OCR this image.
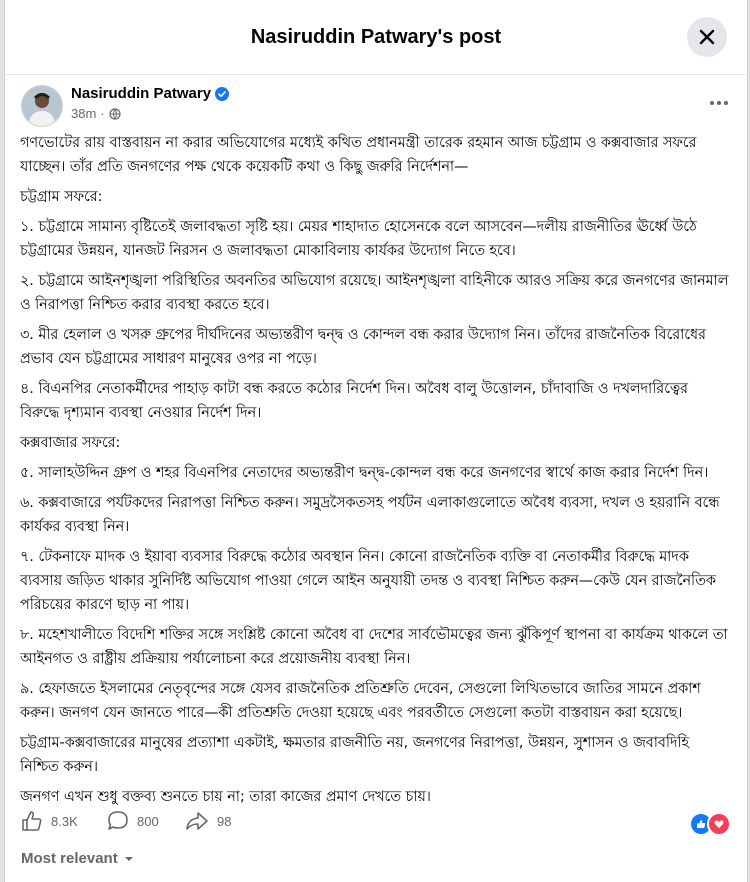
Nasiruddin Patwary's post
Nasiruddin Patwary
38m ·

গণভোটের রায় বাস্তবায়ন না করার অভিযোগের মধ্যেই কথিত প্রধানমন্ত্রী তারেক রহমান আজ চট্টগ্রাম ও কক্সবাজার সফরে যাচ্ছেন। তাঁর প্রতি জনগণের পক্ষ থেকে কয়েকটি কথা ও কিছু জরুরি নির্দেশনা—

চট্টগ্রাম সফরে:

১. চট্টগ্রামে সামান্য বৃষ্টিতেই জলাবদ্ধতা সৃষ্টি হয়। মেয়র শাহাদাত হোসেনকে বলে আসবেন—দলীয় রাজনীতির ঊর্ধ্বে উঠে চট্টগ্রামের উন্নয়ন, যানজট নিরসন ও জলাবদ্ধতা মোকাবিলায় কার্যকর উদ্যোগ নিতে হবে।

২. চট্টগ্রামে আইনশৃঙ্খলা পরিস্থিতির অবনতির অভিযোগ রয়েছে। আইনশৃঙ্খলা বাহিনীকে আরও সক্রিয় করে জনগণের জানমাল ও নিরাপত্তা নিশ্চিত করার ব্যবস্থা করতে হবে।

৩. মীর হেলাল ও খসরু গ্রুপের দীর্ঘদিনের অভ্যন্তরীণ দ্বন্দ্ব ও কোন্দল বন্ধ করার উদ্যোগ নিন। তাঁদের রাজনৈতিক বিরোধের প্রভাব যেন চট্টগ্রামের সাধারণ মানুষের ওপর না পড়ে।

৪. বিএনপির নেতাকর্মীদের পাহাড় কাটা বন্ধ করতে কঠোর নির্দেশ দিন। অবৈধ বালু উত্তোলন, চাঁদাবাজি ও দখলদারিত্বের বিরুদ্ধে দৃশ্যমান ব্যবস্থা নেওয়ার নির্দেশ দিন।

কক্সবাজার সফরে:

৫. সালাহউদ্দিন গ্রুপ ও শহর বিএনপির নেতাদের অভ্যন্তরীণ দ্বন্দ্ব-কোন্দল বন্ধ করে জনগণের স্বার্থে কাজ করার নির্দেশ দিন।

৬. কক্সবাজারে পর্যটকদের নিরাপত্তা নিশ্চিত করুন। সমুদ্রসৈকতসহ পর্যটন এলাকাগুলোতে অবৈধ ব্যবসা, দখল ও হয়রানি বন্ধে কার্যকর ব্যবস্থা নিন।

৭. টেকনাফে মাদক ও ইয়াবা ব্যবসার বিরুদ্ধে কঠোর অবস্থান নিন। কোনো রাজনৈতিক ব্যক্তি বা নেতাকর্মীর বিরুদ্ধে মাদক ব্যবসায় জড়িত থাকার সুনির্দিষ্ট অভিযোগ পাওয়া গেলে আইন অনুযায়ী তদন্ত ও ব্যবস্থা নিশ্চিত করুন—কেউ যেন রাজনৈতিক পরিচয়ের কারণে ছাড় না পায়।

৮. মহেশখালীতে বিদেশি শক্তির সঙ্গে সংশ্লিষ্ট কোনো অবৈধ বা দেশের সার্বভৌমত্বের জন্য ঝুঁকিপূর্ণ স্থাপনা বা কার্যক্রম থাকলে তা আইনগত ও রাষ্ট্রীয় প্রক্রিয়ায় পর্যালোচনা করে প্রয়োজনীয় ব্যবস্থা নিন।

৯. হেফাজতে ইসলামের নেতৃবৃন্দের সঙ্গে যেসব রাজনৈতিক প্রতিশ্রুতি দেবেন, সেগুলো লিখিতভাবে জাতির সামনে প্রকাশ করুন। জনগণ যেন জানতে পারে—কী প্রতিশ্রুতি দেওয়া হয়েছে এবং পরবর্তীতে সেগুলো কতটা বাস্তবায়ন করা হয়েছে।

চট্টগ্রাম-কক্সবাজারের মানুষের প্রত্যাশা একটাই, ক্ষমতার রাজনীতি নয়, জনগণের নিরাপত্তা, উন্নয়ন, সুশাসন ও জবাবদিহি নিশ্চিত করুন।

জনগণ এখন শুধু বক্তব্য শুনতে চায় না; তারা কাজের প্রমাণ দেখতে চায়।

8.3K	800	98
Most relevant
